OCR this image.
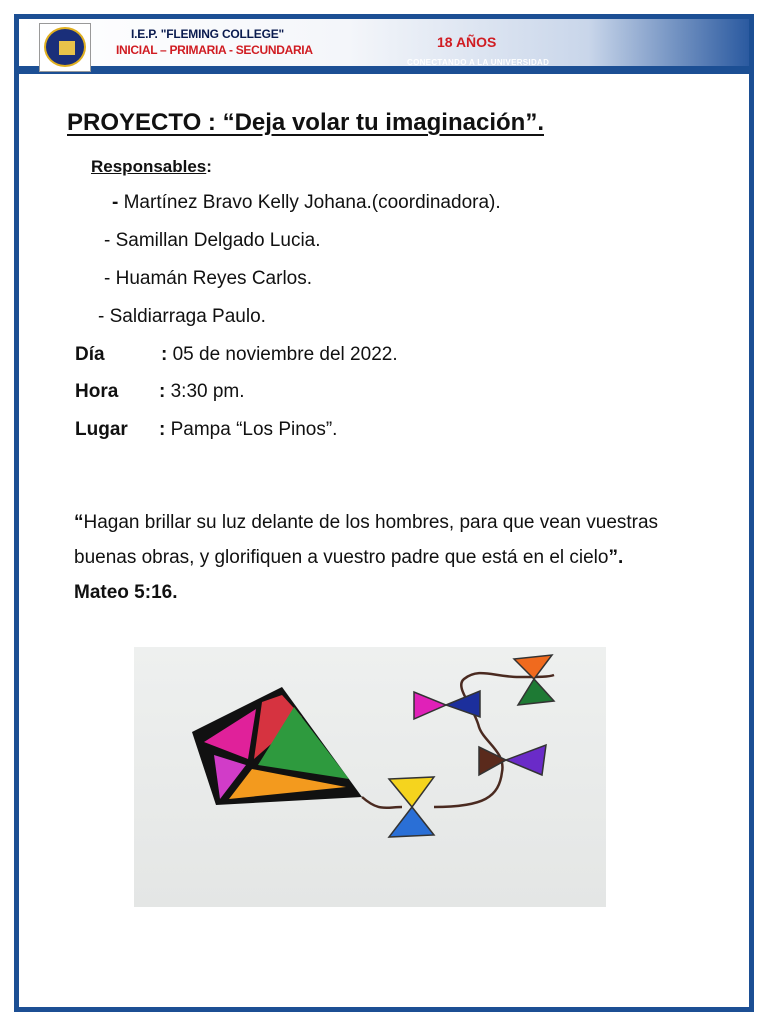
I.E.P. "FLEMING COLLEGE"
INICIAL – PRIMARIA - SECUNDARIA	18 AÑOS
CONECTANDO A LA UNIVERSIDAD
PROYECTO : “Deja volar tu imaginación”.
Responsables:
- Martínez Bravo Kelly Johana.(coordinadora).
- Samillan Delgado Lucia.
- Huamán Reyes Carlos.
- Saldiarraga Paulo.
Día	: 05 de noviembre del 2022.
Hora : 3:30 pm.
Lugar : Pampa “Los Pinos”.
“Hagan brillar su luz delante de los hombres, para que vean vuestras buenas obras, y glorifiquen a vuestro padre que está en el cielo”. Mateo 5:16.
